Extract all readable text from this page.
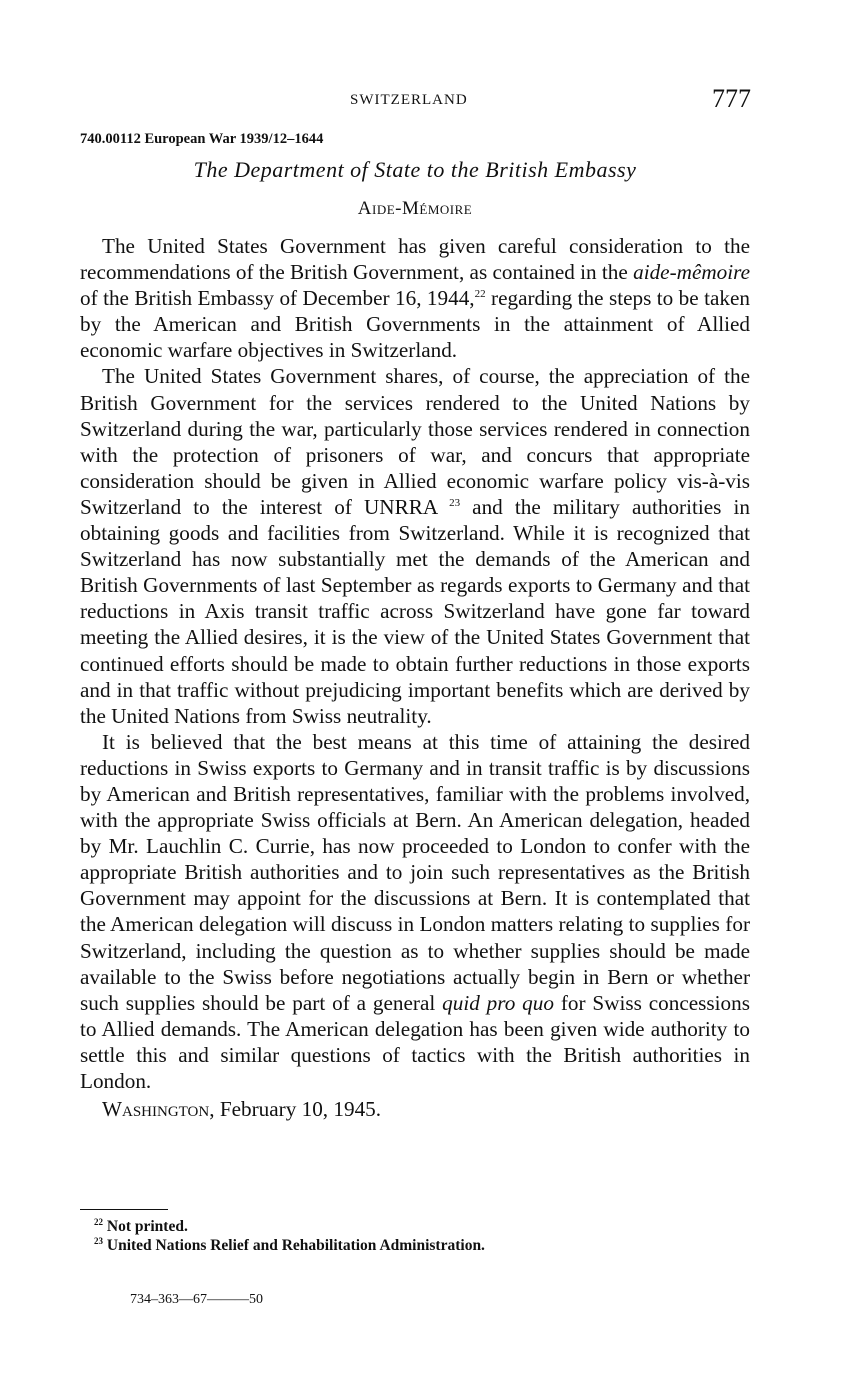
SWITZERLAND	777
740.00112 European War 1939/12–1644
The Department of State to the British Embassy
Aide-Mémoire

The United States Government has given careful consideration to the recommendations of the British Government, as contained in the aide-mêmoire of the British Embassy of December 16, 1944,22 regarding the steps to be taken by the American and British Governments in the attainment of Allied economic warfare objectives in Switzerland.

The United States Government shares, of course, the appreciation of the British Government for the services rendered to the United Nations by Switzerland during the war, particularly those services rendered in connection with the protection of prisoners of war, and concurs that appropriate consideration should be given in Allied economic warfare policy vis-à-vis Switzerland to the interest of UNRRA $^{23}$ and the military authorities in obtaining goods and facilities from Switzerland. While it is recognized that Switzerland has now substantially met the demands of the American and British Governments of last September as regards exports to Germany and that reductions in Axis transit traffic across Switzerland have gone far toward meeting the Allied desires, it is the view of the United States Government that continued efforts should be made to obtain further reductions in those exports and in that traffic without prejudicing important benefits which are derived by the United Nations from Swiss neutrality.

It is believed that the best means at this time of attaining the desired reductions in Swiss exports to Germany and in transit traffic is by discussions by American and British representatives, familiar with the problems involved, with the appropriate Swiss officials at Bern. An American delegation, headed by Mr. Lauchlin C. Currie, has now proceeded to London to confer with the appropriate British authorities and to join such representatives as the British Government may appoint for the discussions at Bern. It is contemplated that the American delegation will discuss in London matters relating to supplies for Switzerland, including the question as to whether supplies should be made available to the Swiss before negotiations actually begin in Bern or whether such supplies should be part of a general quid pro quo for Swiss concessions to Allied demands. The American delegation has been given wide authority to settle this and similar questions of tactics with the British authorities in London.

Washington, February 10, 1945.

$^{22}$ Not printed.
$^{23}$ United Nations Relief and Rehabilitation Administration.
734–363—67———50
